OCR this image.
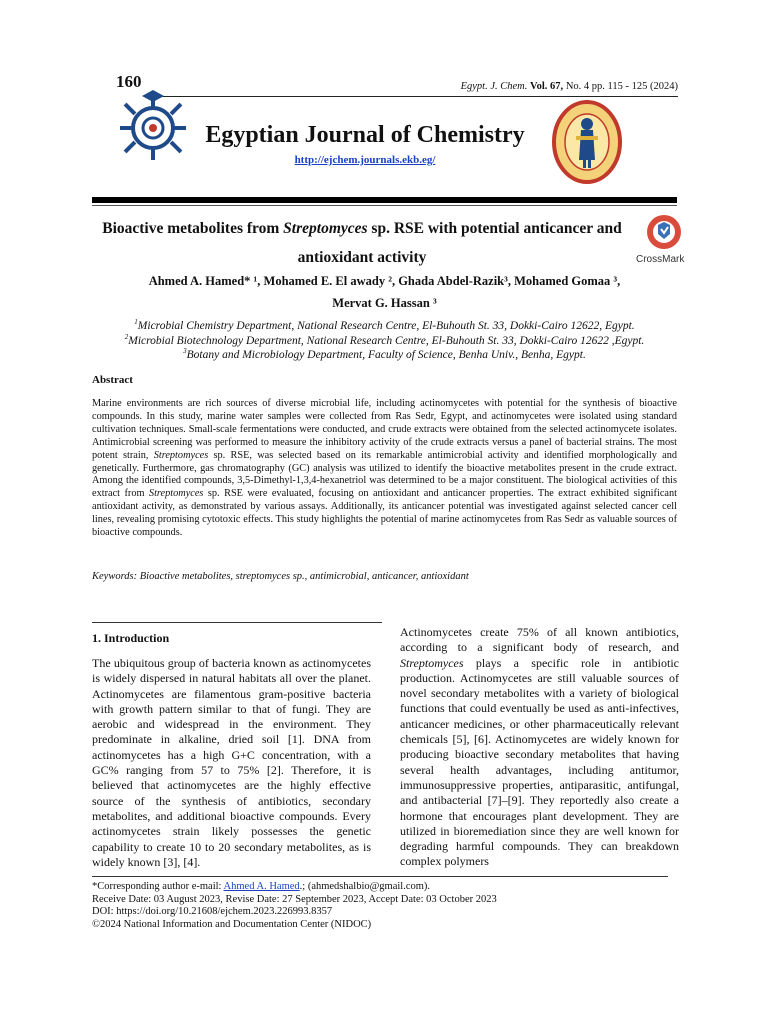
160	Egypt. J. Chem. Vol. 67, No. 4 pp. 115 - 125 (2024)
Egyptian Journal of Chemistry
http://ejchem.journals.ekb.eg/
Bioactive metabolites from Streptomyces sp. RSE with potential anticancer and
antioxidant activity	CrossMark
Ahmed A. Hamed* ¹, Mohamed E. El awady ², Ghada Abdel-Razik³, Mohamed Gomaa ³,
Mervat G. Hassan ³
$^1$Microbial Chemistry Department, National Research Centre, El-Buhouth St. 33, Dokki-Cairo 12622, Egypt.
$^2$Microbial Biotechnology Department, National Research Centre, El-Buhouth St. 33, Dokki-Cairo 12622 ,Egypt.
$^3$Botany and Microbiology Department, Faculty of Science, Benha Univ., Benha, Egypt.
Abstract
Marine environments are rich sources of diverse microbial life, including actinomycetes with potential for the synthesis of bioactive compounds. In this study, marine water samples were collected from Ras Sedr, Egypt, and actinomycetes were isolated using standard cultivation techniques. Small-scale fermentations were conducted, and crude extracts were obtained from the selected actinomycete isolates. Antimicrobial screening was performed to measure the inhibitory activity of the crude extracts versus a panel of bacterial strains. The most potent strain, Streptomyces sp. RSE, was selected based on its remarkable antimicrobial activity and identified morphologically and genetically. Furthermore, gas chromatography (GC) analysis was utilized to identify the bioactive metabolites present in the crude extract. Among the identified compounds, 3,5-Dimethyl-1,3,4-hexanetriol was determined to be a major constituent. The biological activities of this extract from Streptomyces sp. RSE were evaluated, focusing on antioxidant and anticancer properties. The extract exhibited significant antioxidant activity, as demonstrated by various assays. Additionally, its anticancer potential was investigated against selected cancer cell lines, revealing promising cytotoxic effects. This study highlights the potential of marine actinomycetes from Ras Sedr as valuable sources of bioactive compounds.
Keywords: Bioactive metabolites, streptomyces sp., antimicrobial, anticancer, antioxidant
1. Introduction
The ubiquitous group of bacteria known as actinomycetes is widely dispersed in natural habitats all over the planet. Actinomycetes are filamentous gram-positive bacteria with growth pattern similar to that of fungi. They are aerobic and widespread in the environment. They predominate in alkaline, dried soil [1]. DNA from actinomycetes has a high G+C concentration, with a GC% ranging from 57 to 75% [2]. Therefore, it is believed that actinomycetes are the highly effective source of the synthesis of antibiotics, secondary metabolites, and additional bioactive compounds. Every actinomycetes strain likely possesses the genetic capability to create 10 to 20 secondary metabolites, as is widely known [3], [4].
Actinomycetes create 75% of all known antibiotics, according to a significant body of research, and Streptomyces plays a specific role in antibiotic production. Actinomycetes are still valuable sources of novel secondary metabolites with a variety of biological functions that could eventually be used as anti-infectives, anticancer medicines, or other pharmaceutically relevant chemicals [5], [6]. Actinomycetes are widely known for producing bioactive secondary metabolites that having several health advantages, including antitumor, immunosuppressive properties, antiparasitic, antifungal, and antibacterial [7]–[9]. They reportedly also create a hormone that encourages plant development. They are utilized in bioremediation since they are well known for degrading harmful compounds. They can breakdown complex polymers
*Corresponding author e-mail: Ahmed A. Hamed.; (ahmedshalbio@gmail.com).
Receive Date: 03 August 2023, Revise Date: 27 September 2023, Accept Date: 03 October 2023
DOI: https://doi.org/10.21608/ejchem.2023.226993.8357
©2024 National Information and Documentation Center (NIDOC)
